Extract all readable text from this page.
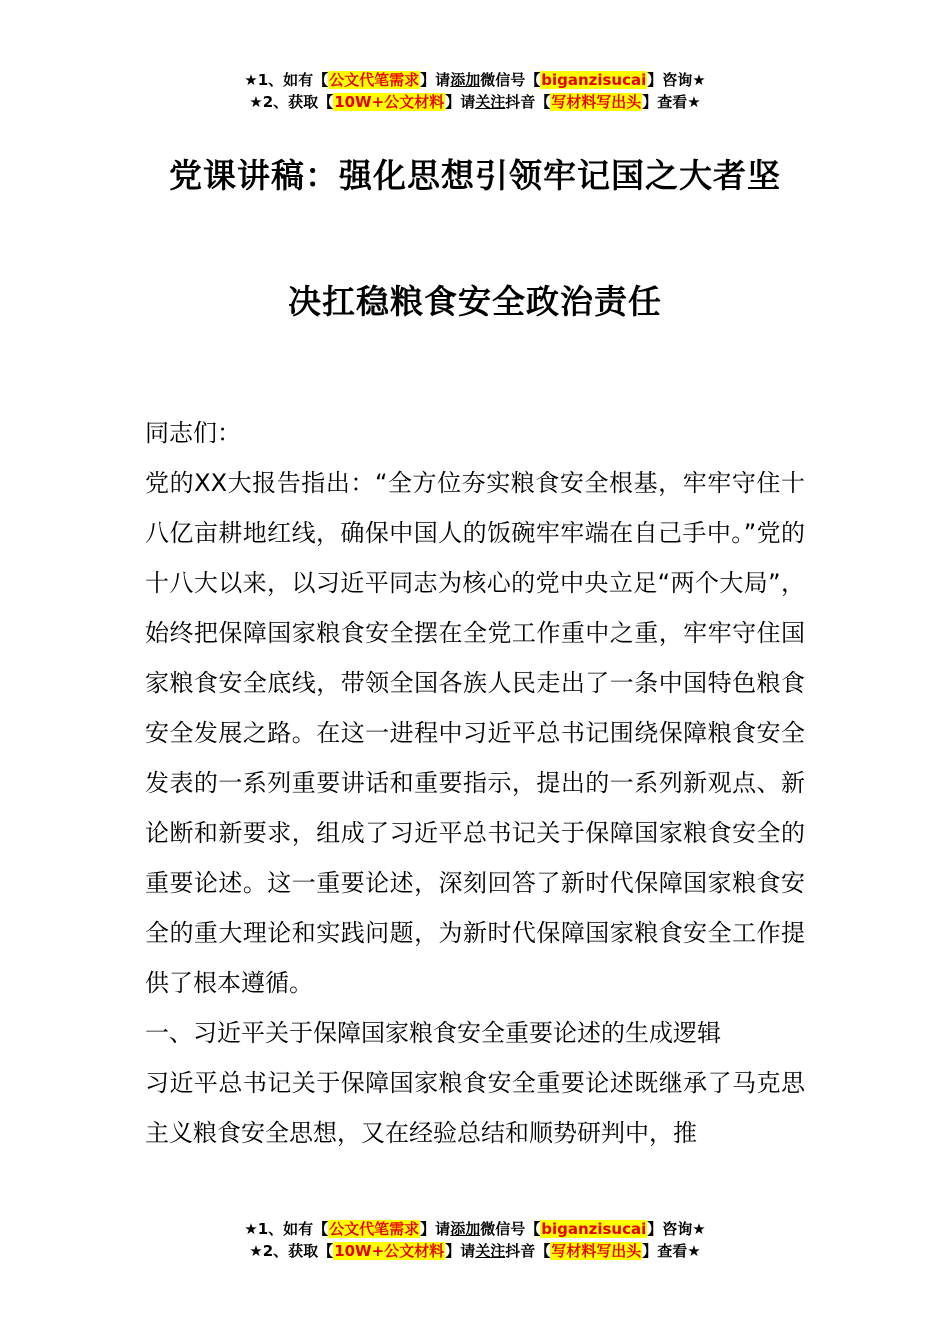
★1、如有【公文代笔需求】请添加微信号【biganzisucai】咨询★
★2、获取【10W+公文材料】请关注抖音【写材料写出头】查看★
党课讲稿：强化思想引领牢记国之大者坚
决扛稳粮食安全政治责任

同志们：

党的XX大报告指出：“全方位夯实粮食安全根基，牢牢守住十八亿亩耕地红线，确保中国人的饭碗牢牢端在自己手中。”党的十八大以来，以习近平同志为核心的党中央立足“两个大局”，始终把保障国家粮食安全摆在全党工作重中之重，牢牢守住国家粮食安全底线，带领全国各族人民走出了一条中国特色粮食安全发展之路。在这一进程中习近平总书记围绕保障粮食安全发表的一系列重要讲话和重要指示，提出的一系列新观点、新论断和新要求，组成了习近平总书记关于保障国家粮食安全的重要论述。这一重要论述，深刻回答了新时代保障国家粮食安全的重大理论和实践问题，为新时代保障国家粮食安全工作提供了根本遵循。

一、习近平关于保障国家粮食安全重要论述的生成逻辑

习近平总书记关于保障国家粮食安全重要论述既继承了马克思主义粮食安全思想，又在经验总结和顺势研判中，推

★1、如有【公文代笔需求】请添加微信号【biganzisucai】咨询★
★2、获取【10W+公文材料】请关注抖音【写材料写出头】查看★
